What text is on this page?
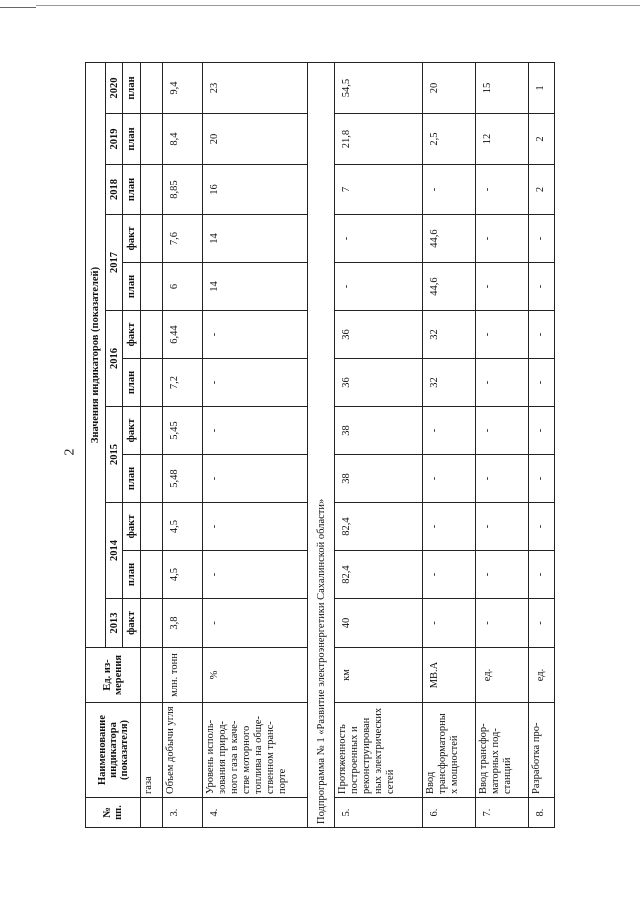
2
№ пп.	Наименование индикатора (показателя)	Ед. из-мерения	Значения индикаторов (показателей)											
			2013	2014		2015		2016		2017		2018	2019	2020
			факт	план	факт	план	факт	план	факт	план	факт	план	план	план
	газа													
3.	Объем добычи угля	млн. тонн	3,8	4,5	4,5	5,48	5,45	7,2	6,44	6	7,6	8,85	8,4	9,4
4.	Уровень исполь-зования природ-ного газа в каче-стве моторного топлива на обще-ственном транс-порте	%	-	-	-	-	-	-	-	14	14	16	20	23
Подпрограмма № 1 «Развитие электроэнергетики Сахалинской области»														
5.	Протяженность построенных и реконструирован ных электрических сетей	км	40	82,4	82,4	38	38	36	36	-	-	7	21,8	54,5
6.	Ввод трансформаторны х мощностей	МВ.А	-	-	-	-	-	32	32	44,6	44,6	-	2,5	20
7.	Ввод трансфор-маторных под-станций	ед.	-	-	-	-	-	-	-	-	-	-	12	15
8.	Разработка про-	ед.	-	-	-	-	-	-	-	-	-	2	2	1
